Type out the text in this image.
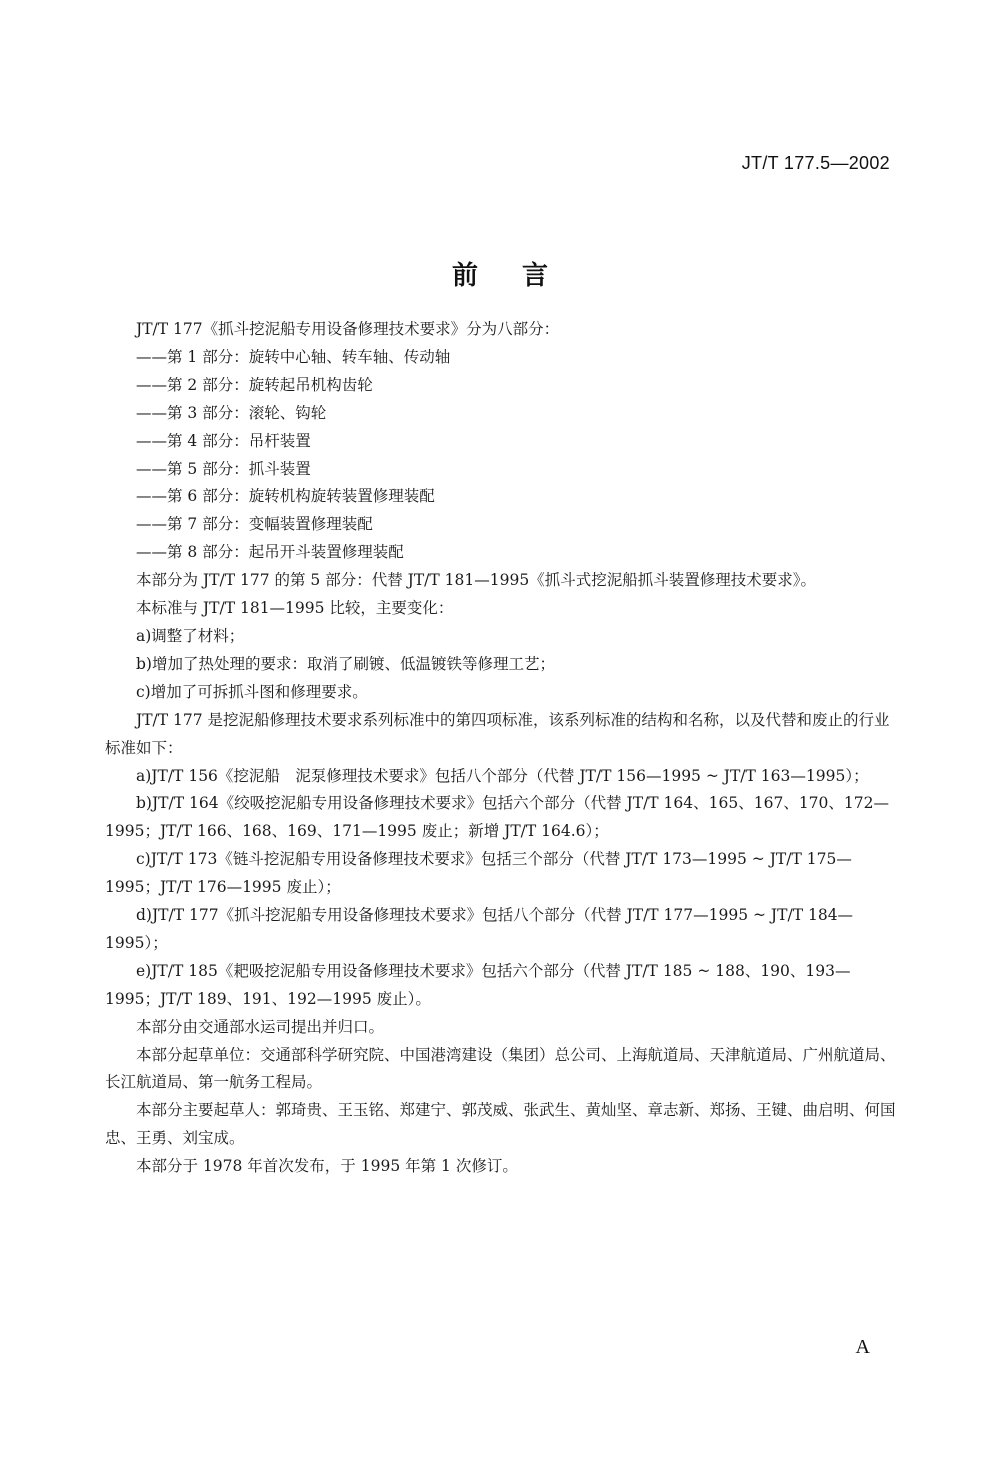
JT/T 177.5—2002
前 言

JT/T 177《抓斗挖泥船专用设备修理技术要求》分为八部分：

——第 1 部分：旋转中心轴、转车轴、传动轴

——第 2 部分：旋转起吊机构齿轮

——第 3 部分：滚轮、钩轮

——第 4 部分：吊杆装置

——第 5 部分：抓斗装置

——第 6 部分：旋转机构旋转装置修理装配

——第 7 部分：变幅装置修理装配

——第 8 部分：起吊开斗装置修理装配

本部分为 JT/T 177 的第 5 部分：代替 JT/T 181—1995《抓斗式挖泥船抓斗装置修理技术要求》。

本标准与 JT/T 181—1995 比较，主要变化：

a)调整了材料；

b)增加了热处理的要求：取消了刷镀、低温镀铁等修理工艺；

c)增加了可拆抓斗图和修理要求。

JT/T 177 是挖泥船修理技术要求系列标准中的第四项标准，该系列标准的结构和名称，以及代替和废止的行业标准如下：

a)JT/T 156《挖泥船　泥泵修理技术要求》包括八个部分（代替 JT/T 156—1995 ~ JT/T 163—1995）；

b)JT/T 164《绞吸挖泥船专用设备修理技术要求》包括六个部分（代替 JT/T 164、165、167、170、172—1995；JT/T 166、168、169、171—1995 废止；新增 JT/T 164.6）；

c)JT/T 173《链斗挖泥船专用设备修理技术要求》包括三个部分（代替 JT/T 173—1995 ~ JT/T 175—1995；JT/T 176—1995 废止）；

d)JT/T 177《抓斗挖泥船专用设备修理技术要求》包括八个部分（代替 JT/T 177—1995 ~ JT/T 184—1995）；

e)JT/T 185《耙吸挖泥船专用设备修理技术要求》包括六个部分（代替 JT/T 185 ~ 188、190、193—1995；JT/T 189、191、192—1995 废止）。

本部分由交通部水运司提出并归口。

本部分起草单位：交通部科学研究院、中国港湾建设（集团）总公司、上海航道局、天津航道局、广州航道局、长江航道局、第一航务工程局。

本部分主要起草人：郭琦贵、王玉铭、郑建宁、郭茂威、张武生、黄灿坚、章志新、郑扬、王键、曲启明、何国忠、王勇、刘宝成。

本部分于 1978 年首次发布，于 1995 年第 1 次修订。

A
